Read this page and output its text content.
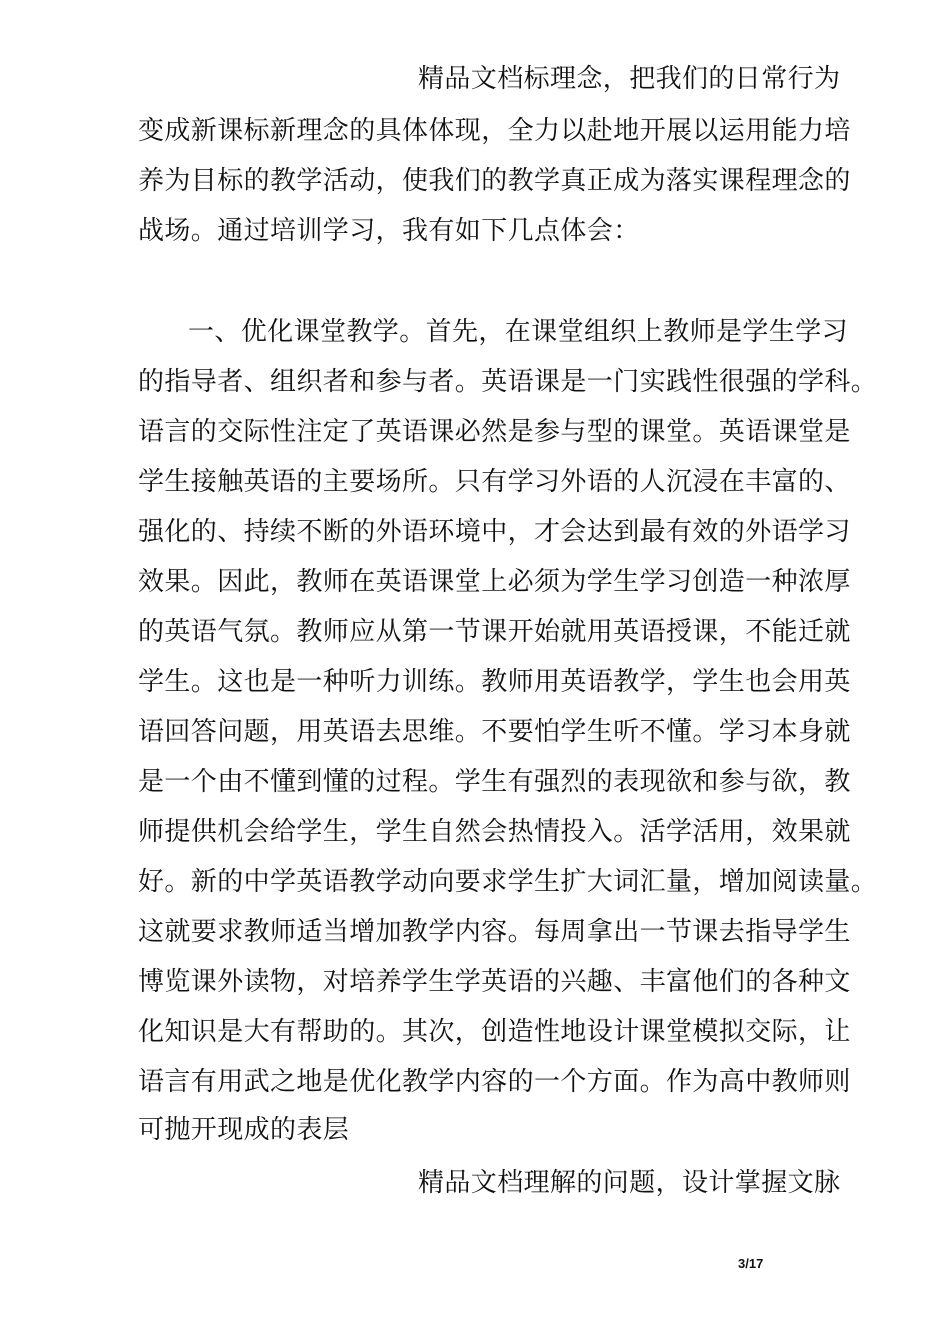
精品文档标理念，把我们的日常行为
变成新课标新理念的具体体现，全力以赴地开展以运用能力培
养为目标的教学活动，使我们的教学真正成为落实课程理念的
战场。通过培训学习，我有如下几点体会：
一、优化课堂教学。首先，在课堂组织上教师是学生学习
的指导者、组织者和参与者。英语课是一门实践性很强的学科。
语言的交际性注定了英语课必然是参与型的课堂。英语课堂是
学生接触英语的主要场所。只有学习外语的人沉浸在丰富的、
强化的、持续不断的外语环境中，才会达到最有效的外语学习
效果。因此，教师在英语课堂上必须为学生学习创造一种浓厚
的英语气氛。教师应从第一节课开始就用英语授课，不能迁就
学生。这也是一种听力训练。教师用英语教学，学生也会用英
语回答问题，用英语去思维。不要怕学生听不懂。学习本身就
是一个由不懂到懂的过程。学生有强烈的表现欲和参与欲，教
师提供机会给学生，学生自然会热情投入。活学活用，效果就
好。新的中学英语教学动向要求学生扩大词汇量，增加阅读量。
这就要求教师适当增加教学内容。每周拿出一节课去指导学生
博览课外读物，对培养学生学英语的兴趣、丰富他们的各种文
化知识是大有帮助的。其次，创造性地设计课堂模拟交际，让
语言有用武之地是优化教学内容的一个方面。作为高中教师则
可抛开现成的表层
精品文档理解的问题，设计掌握文脉
3/17
